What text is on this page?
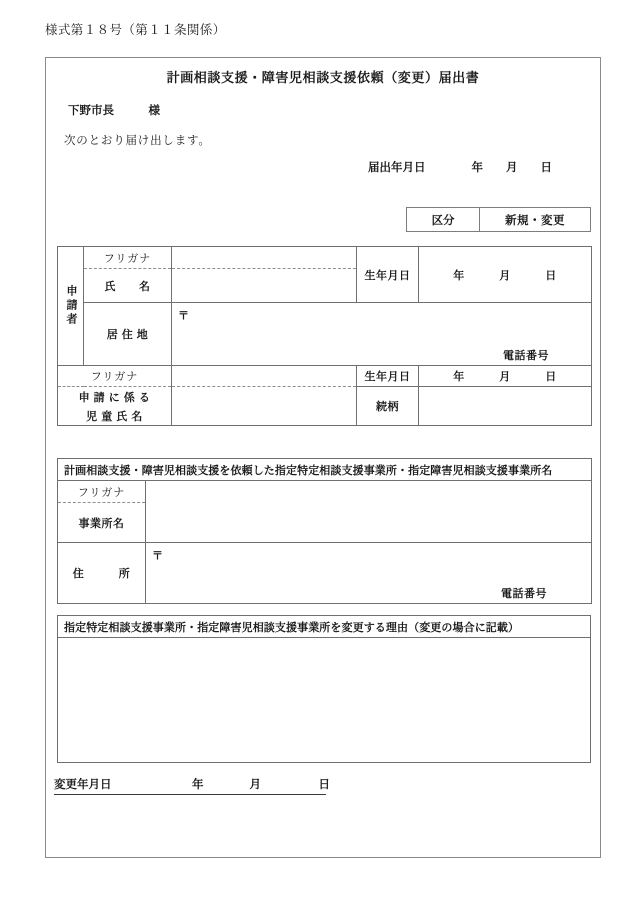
様式第１８号（第１１条関係）
計画相談支援・障害児相談支援依頼（変更）届出書
下野市長　　　様
次のとおり届け出します。
届出年月日　　　　年　　月　　日
区分	新規・変更
申請者	フリガナ		生年月日	年　　　月　　　日
	氏　　名			
	居 住 地	〒
電話番号		

フリガナ			生年月日	年　　　月　　　日
申 請 に 係 る			続柄	
児 童 氏 名				
計画相談支援・障害児相談支援を依頼した指定特定相談支援事業所・指定障害児相談支援事業所名	
フリガナ	
事業所名	
住　　　所	〒
電話番号
指定特定相談支援事業所・指定障害児相談支援事業所を変更する理由（変更の場合に記載）
変更年月日　　　　　　　年　　　　月　　　　　日
